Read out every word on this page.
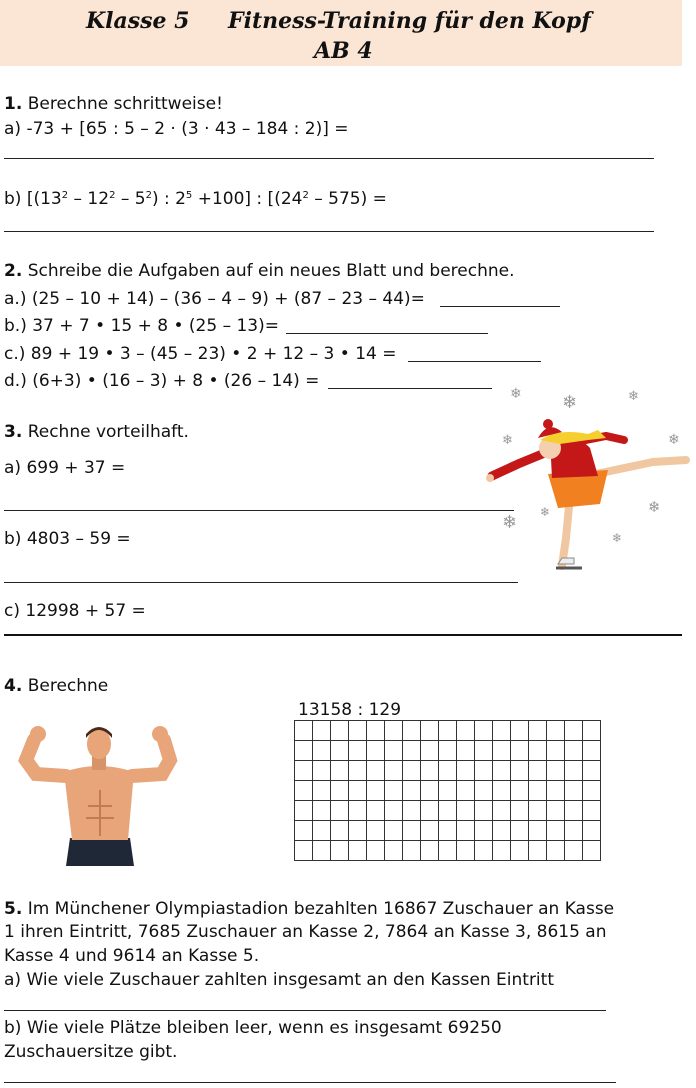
Klasse 5 Fitness-Training für den Kopf
AB 4
1. Berechne schrittweise!
a) -73 + [65 : 5 – 2 · (3 · 43 – 184 : 2)] =
b) [$(13^2 - 12^2 - 5^2)$ : $2^5 +100$] : [$(24^2 - 575)$ =
2. Schreibe die Aufgaben auf ein neues Blatt und berechne.
a.) (25 – 10 + 14) – (36 – 4 – 9) + (87 – 23 – 44)=
b.) 37 + 7 • 15 + 8 • (25 – 13)=
c.) 89 + 19 • 3 – (45 – 23) • 2 + 12 – 3 • 14 =
d.) (6+3) • (16 – 3) + 8 • (26 – 14) =
3. Rechne vorteilhaft.
a) 699 + 37 =
b) 4803 – 59 =
c) 12998 + 57 =
❄ ❄	❄
❄	❄
❄ ❄	❄
❄
4. Berechne
13158 : 129
5. Im Münchener Olympiastadion bezahlten 16867 Zuschauer an Kasse
1 ihren Eintritt, 7685 Zuschauer an Kasse 2, 7864 an Kasse 3, 8615 an
Kasse 4 und 9614 an Kasse 5.
a) Wie viele Zuschauer zahlten insgesamt an den Kassen Eintritt
b) Wie viele Plätze bleiben leer, wenn es insgesamt 69250
Zuschauersitze gibt.
